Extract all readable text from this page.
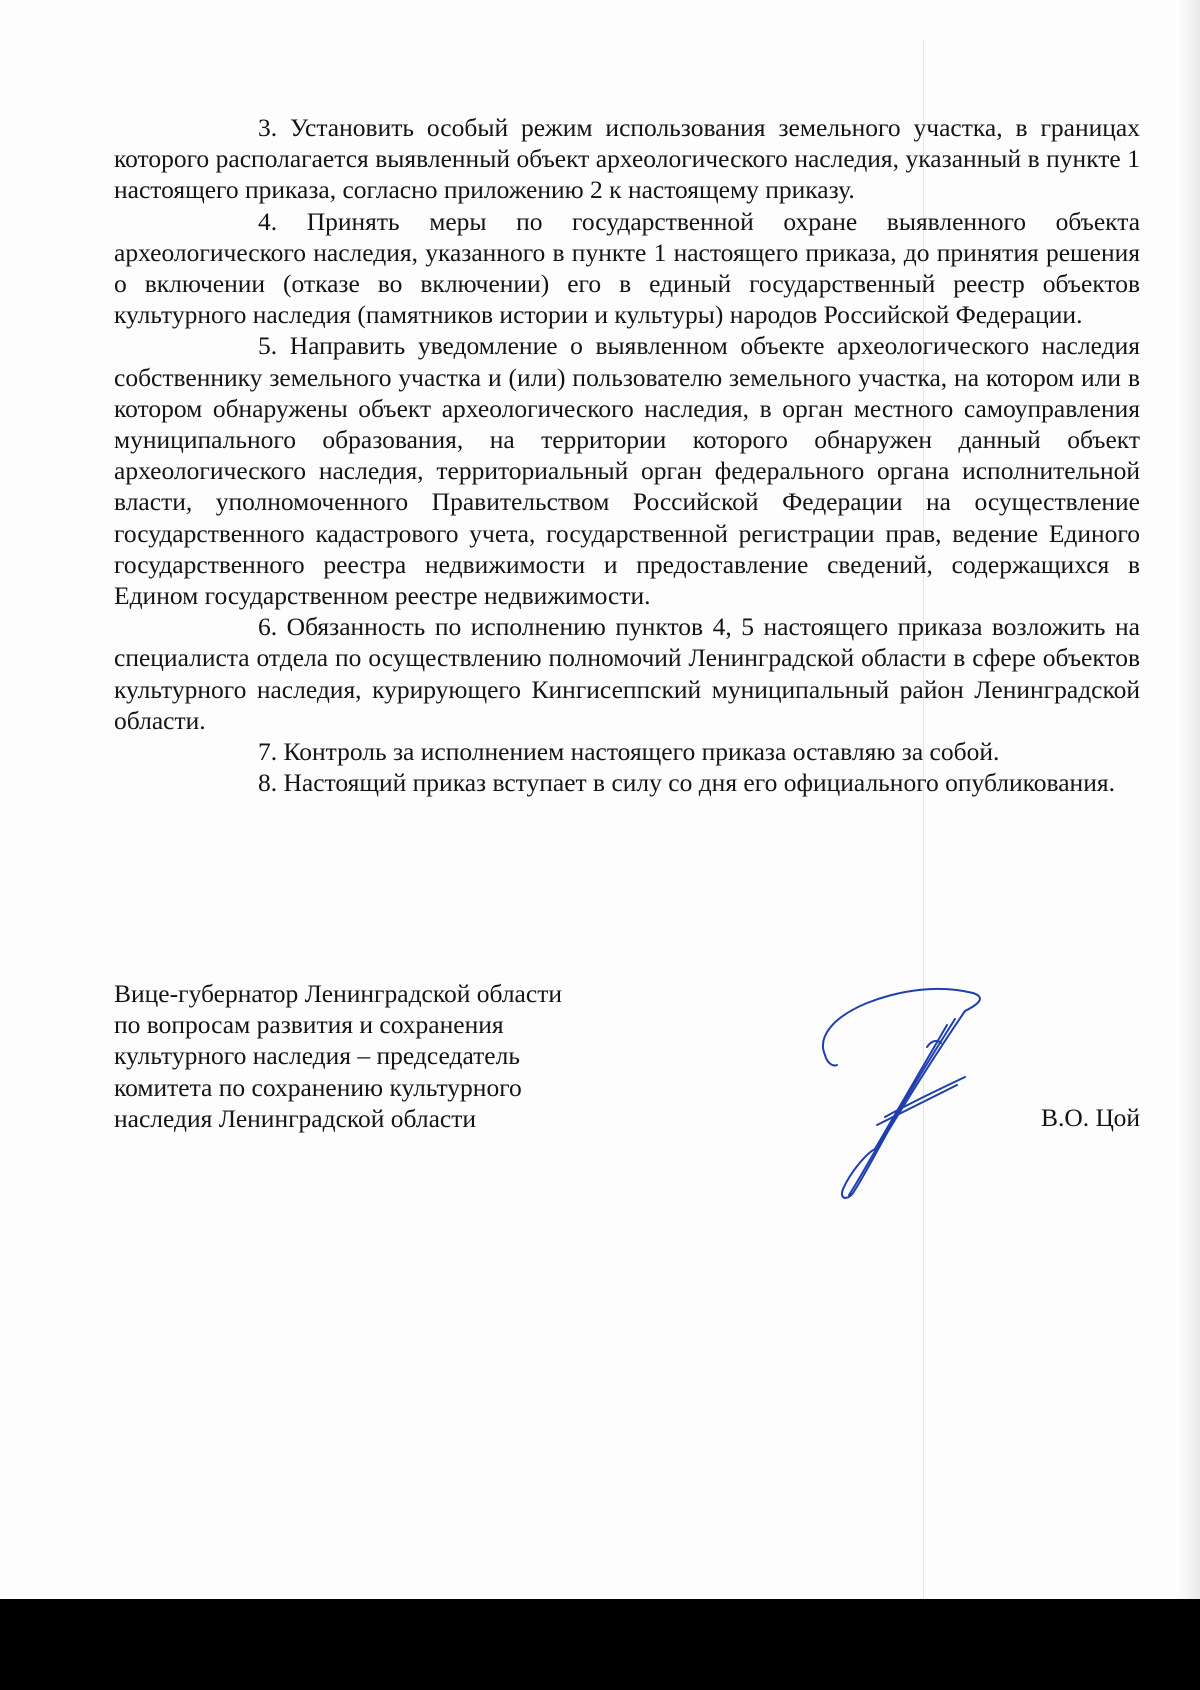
3. Установить особый режим использования земельного участка, в границах которого располагается выявленный объект археологического наследия, указанный в пункте 1 настоящего приказа, согласно приложению 2 к настоящему приказу.

4. Принять меры по государственной охране выявленного объекта археологического наследия, указанного в пункте 1 настоящего приказа, до принятия решения о включении (отказе во включении) его в единый государственный реестр объектов культурного наследия (памятников истории и культуры) народов Российской Федерации.

5. Направить уведомление о выявленном объекте археологического наследия собственнику земельного участка и (или) пользователю земельного участка, на котором или в котором обнаружены объект археологического наследия, в орган местного самоуправления муниципального образования, на территории которого обнаружен данный объект археологического наследия, территориальный орган федерального органа исполнительной власти, уполномоченного Правительством Российской Федерации на осуществление государственного кадастрового учета, государственной регистрации прав, ведение Единого государственного реестра недвижимости и предоставление сведений, содержащихся в Едином государственном реестре недвижимости.

6. Обязанность по исполнению пунктов 4, 5 настоящего приказа возложить на специалиста отдела по осуществлению полномочий Ленинградской области в сфере объектов культурного наследия, курирующего Кингисеппский муниципальный район Ленинградской области.

7. Контроль за исполнением настоящего приказа оставляю за собой.

8. Настоящий приказ вступает в силу со дня его официального опубликования.

Вице-губернатор Ленинградской области
по вопросам развития и сохранения
культурного наследия – председатель
комитета по сохранению культурного
наследия Ленинградской области	В.О. Цой
